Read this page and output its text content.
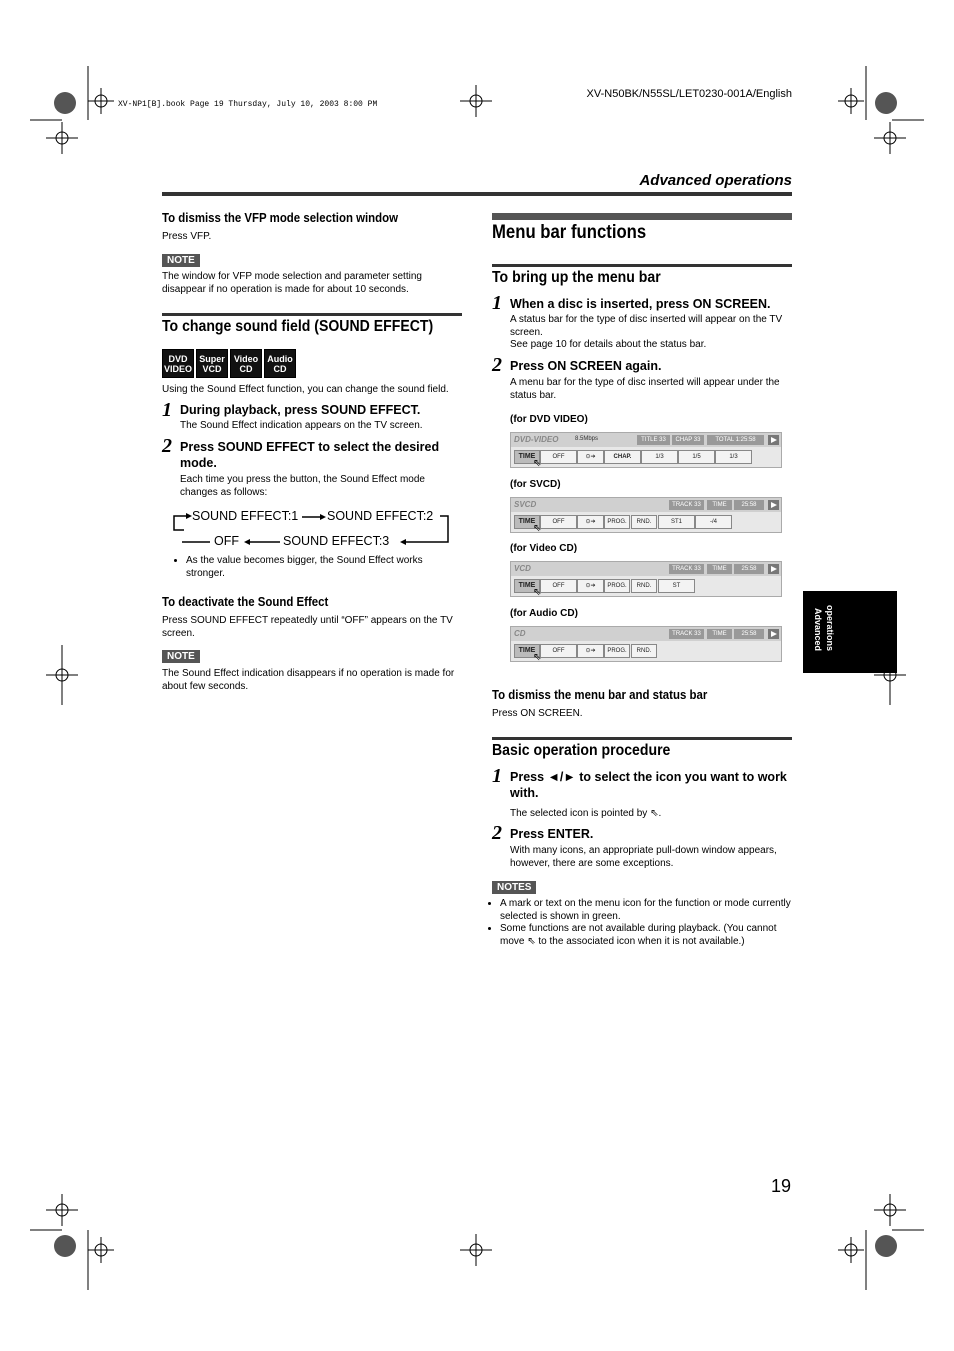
XV-NP1[B].book Page 19 Thursday, July 10, 2003 8:00 PM
XV-N50BK/N55SL/LET0230-001A/English
Advanced operations
To dismiss the VFP mode selection window
Press VFP.
NOTE
The window for VFP mode selection and parameter setting disappear if no operation is made for about 10 seconds.
To change sound field (SOUND EFFECT)
DVD
VIDEO
Super
VCD
Video
CD
Audio
CD
Using the Sound Effect function, you can change the sound field.
1 During playback, press SOUND EFFECT.
The Sound Effect indication appears on the TV screen.
2 Press SOUND EFFECT to select the desired mode.
Each time you press the button, the Sound Effect mode changes as follows:
SOUND EFFECT:1 SOUND EFFECT:2
SOUND EFFECT:3
OFF
• As the value becomes bigger, the Sound Effect works stronger.
To deactivate the Sound Effect
Press SOUND EFFECT repeatedly until “OFF” appears on the TV screen.
NOTE
The Sound Effect indication disappears if no operation is made for about few seconds.
Menu bar functions
To bring up the menu bar
1 When a disc is inserted, press ON SCREEN.
A status bar for the type of disc inserted will appear on the TV screen.
See page 10 for details about the status bar.
2 Press ON SCREEN again.
A menu bar for the type of disc inserted will appear under the status bar.
(for DVD VIDEO)
DVD-VIDEO	8.5Mbps	TITLE 33	CHAP 33	TOTAL 1:25:58
TIME	OFF	⊙➔	CHAP.	1/3	1/5	1/3
⇖
(for SVCD)
SVCD	TRACK 33	TIME	25:58
TIME	OFF	⊙➔	PROG.	RND.	ST1	-/4
⇖
(for Video CD)
VCD	TRACK 33	TIME	25:58
TIME	OFF	⊙➔	PROG.	RND.	ST
⇖
(for Audio CD)
CD	TRACK 33	TIME	25:58
TIME	OFF	⊙➔	PROG.	RND.
⇖
To dismiss the menu bar and status bar
Press ON SCREEN.
Basic operation procedure
1 Press ◄/► to select the icon you want to work with.
The selected icon is pointed by ⇖.
2 Press ENTER.
With many icons, an appropriate pull-down window appears, however, there are some exceptions.
NOTES
• A mark or text on the menu icon for the function or mode currently selected is shown in green.
• Some functions are not available during playback. (You cannot move ⇖ to the associated icon when it is not available.)
Advanced operations
19
